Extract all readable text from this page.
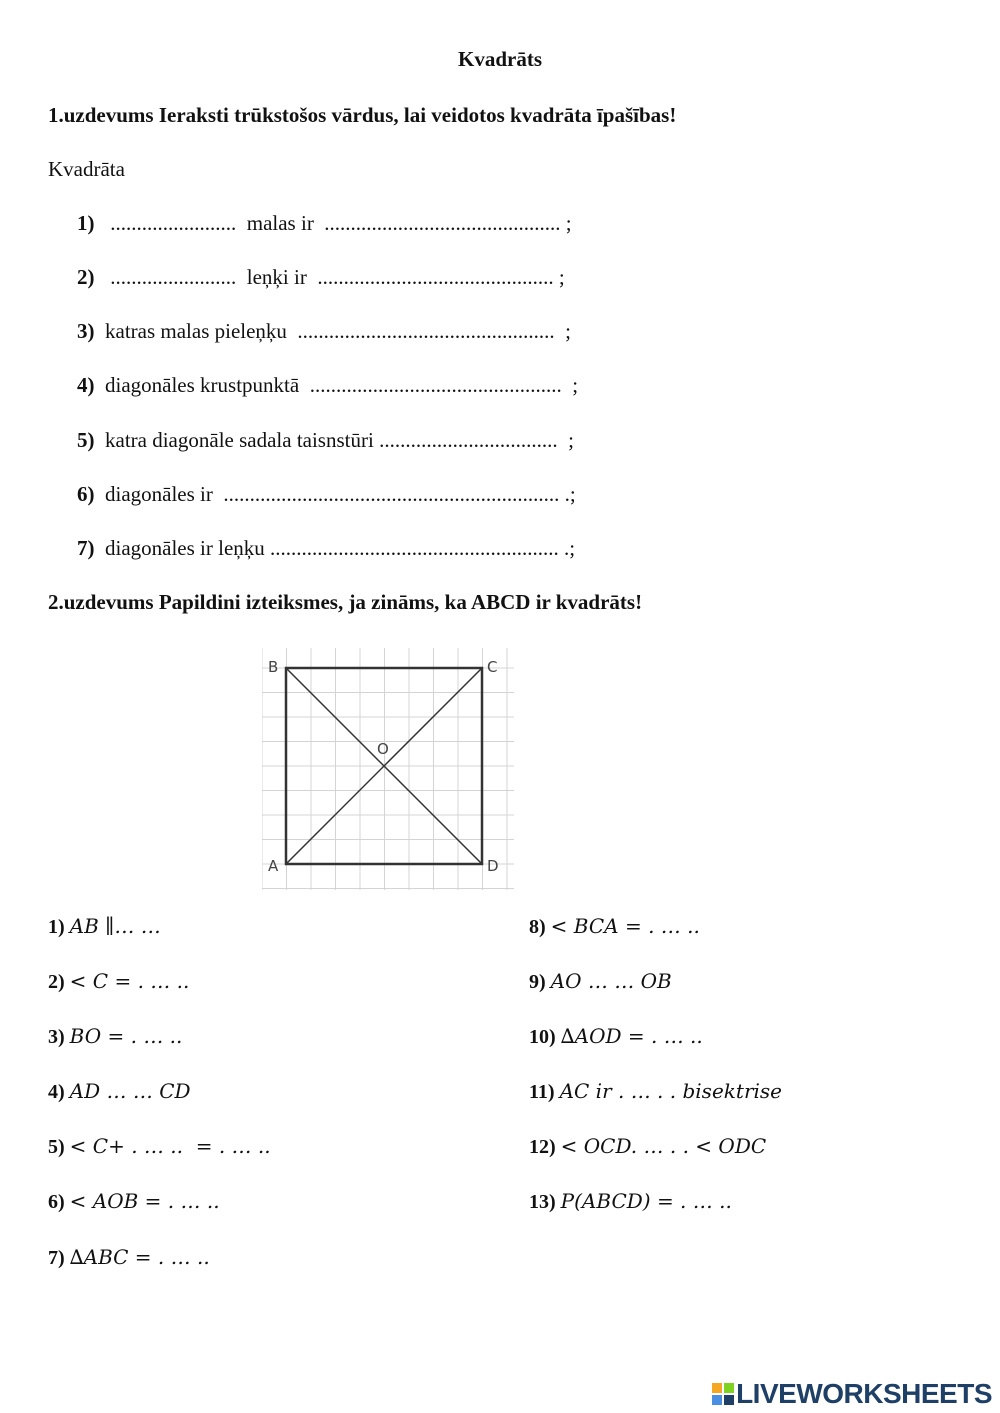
Kvadrāts
1.uzdevums Ieraksti trūkstošos vārdus, lai veidotos kvadrāta īpašības!
Kvadrāta
1)   ........................  malas ir  ............................................. ;
2)   ........................  leņķi ir  ............................................. ;
3) katras malas pieleņķu  .................................................  ;
4) diagonāles krustpunktā  ................................................  ;
5) katra diagonāle sadala taisnstūri ..................................  ;
6) diagonāles ir  ................................................................ .;
7) diagonāles ir leņķu ....................................................... .;
2.uzdevums Papildini izteiksmes, ja zināms, ka ABCD ir kvadrāts!
B	C
A	D
O
1) AB ∥… …
2) < C = . … ..
3) BO = . … ..
4) AD … … CD
5) < C+ . … ..  = . … ..
6) < AOB = . … ..
7) ∆ABC = . … ..
8) < BCA = . … ..
9) AO … … OB
10) ∆AOD = . … ..
11) AC ir . … . . bisektrise
12) < OCD. … . . < ODC
13) P(ABCD) = . … ..
LIVEWORKSHEETS
